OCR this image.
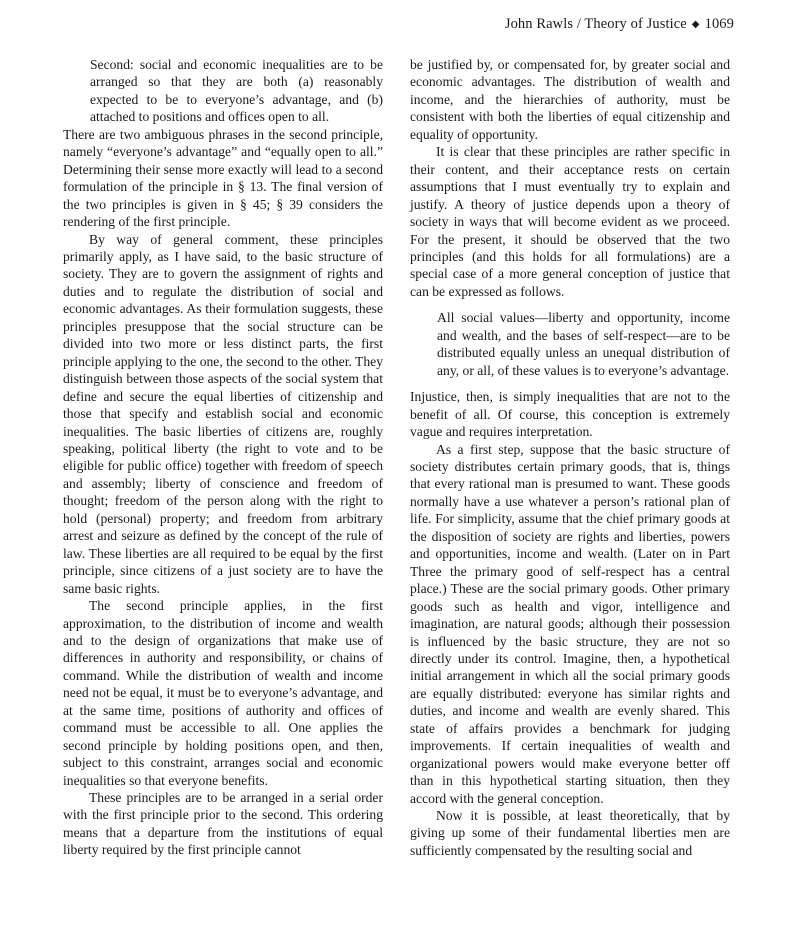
John Rawls / Theory of Justice ◆ 1069

Second: social and economic inequalities are to be arranged so that they are both (a) reasonably expected to be to everyone’s advantage, and (b) attached to positions and offices open to all.

There are two ambiguous phrases in the second principle, namely “everyone’s advantage” and “equally open to all.” Determining their sense more exactly will lead to a second formulation of the principle in § 13. The final version of the two principles is given in § 45; § 39 considers the rendering of the first principle.

By way of general comment, these principles primarily apply, as I have said, to the basic structure of society. They are to govern the assignment of rights and duties and to regulate the distribution of social and economic advantages. As their formulation suggests, these principles presuppose that the social structure can be divided into two more or less distinct parts, the first principle applying to the one, the second to the other. They distinguish between those aspects of the social system that define and secure the equal liberties of citizenship and those that specify and establish social and economic inequalities. The basic liberties of citizens are, roughly speaking, political liberty (the right to vote and to be eligible for public office) together with freedom of speech and assembly; liberty of conscience and freedom of thought; freedom of the person along with the right to hold (personal) property; and freedom from arbitrary arrest and seizure as defined by the concept of the rule of law. These liberties are all required to be equal by the first principle, since citizens of a just society are to have the same basic rights.

The second principle applies, in the first approximation, to the distribution of income and wealth and to the design of organizations that make use of differences in authority and responsibility, or chains of command. While the distribution of wealth and income need not be equal, it must be to everyone’s advantage, and at the same time, positions of authority and offices of command must be accessible to all. One applies the second principle by holding positions open, and then, subject to this constraint, arranges social and economic inequalities so that everyone benefits.

These principles are to be arranged in a serial order with the first principle prior to the second. This ordering means that a departure from the institutions of equal liberty required by the first principle cannot

be justified by, or compensated for, by greater social and economic advantages. The distribution of wealth and income, and the hierarchies of authority, must be consistent with both the liberties of equal citizenship and equality of opportunity.

It is clear that these principles are rather specific in their content, and their acceptance rests on certain assumptions that I must eventually try to explain and justify. A theory of justice depends upon a theory of society in ways that will become evident as we proceed. For the present, it should be observed that the two principles (and this holds for all formulations) are a special case of a more general conception of justice that can be expressed as follows.

All social values—liberty and opportunity, income and wealth, and the bases of self-respect—are to be distributed equally unless an unequal distribution of any, or all, of these values is to everyone’s advantage.

Injustice, then, is simply inequalities that are not to the benefit of all. Of course, this conception is extremely vague and requires interpretation.

As a first step, suppose that the basic structure of society distributes certain primary goods, that is, things that every rational man is presumed to want. These goods normally have a use whatever a person’s rational plan of life. For simplicity, assume that the chief primary goods at the disposition of society are rights and liberties, powers and opportunities, income and wealth. (Later on in Part Three the primary good of self-respect has a central place.) These are the social primary goods. Other primary goods such as health and vigor, intelligence and imagination, are natural goods; although their possession is influenced by the basic structure, they are not so directly under its control. Imagine, then, a hypothetical initial arrangement in which all the social primary goods are equally distributed: everyone has similar rights and duties, and income and wealth are evenly shared. This state of affairs provides a benchmark for judging improvements. If certain inequalities of wealth and organizational powers would make everyone better off than in this hypothetical starting situation, then they accord with the general conception.

Now it is possible, at least theoretically, that by giving up some of their fundamental liberties men are sufficiently compensated by the resulting social and
